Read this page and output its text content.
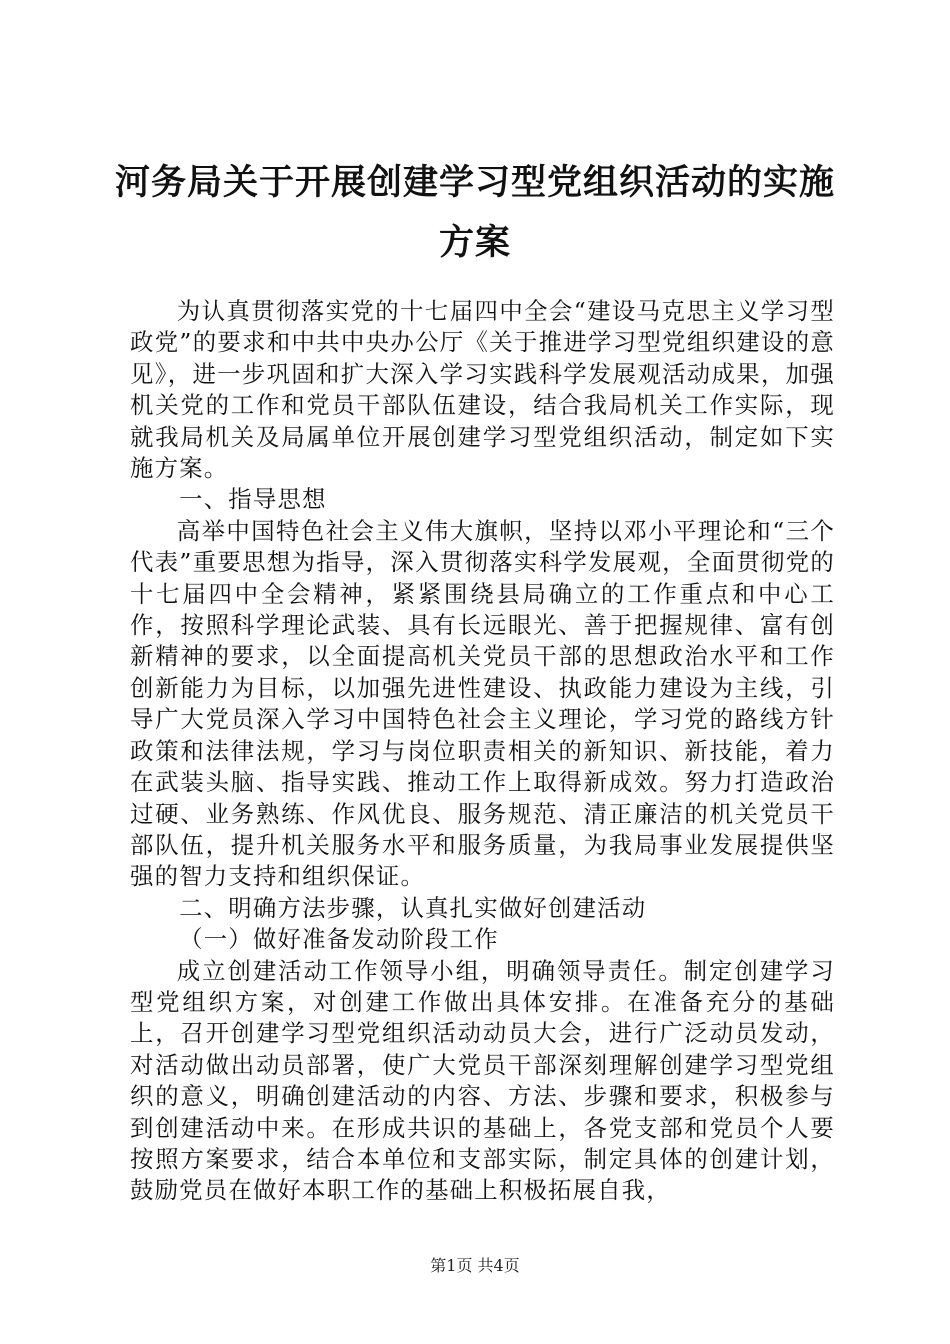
河务局关于开展创建学习型党组织活动的实施
方案

为认真贯彻落实党的十七届四中全会“建设马克思主义学习型政党”的要求和中共中央办公厅《关于推进学习型党组织建设的意见》，进一步巩固和扩大深入学习实践科学发展观活动成果，加强机关党的工作和党员干部队伍建设，结合我局机关工作实际，现就我局机关及局属单位开展创建学习型党组织活动，制定如下实施方案。

一、指导思想

高举中国特色社会主义伟大旗帜，坚持以邓小平理论和“三个代表”重要思想为指导，深入贯彻落实科学发展观，全面贯彻党的十七届四中全会精神，紧紧围绕县局确立的工作重点和中心工作，按照科学理论武装、具有长远眼光、善于把握规律、富有创新精神的要求，以全面提高机关党员干部的思想政治水平和工作创新能力为目标，以加强先进性建设、执政能力建设为主线，引导广大党员深入学习中国特色社会主义理论，学习党的路线方针政策和法律法规，学习与岗位职责相关的新知识、新技能，着力在武装头脑、指导实践、推动工作上取得新成效。努力打造政治过硬、业务熟练、作风优良、服务规范、清正廉洁的机关党员干部队伍，提升机关服务水平和服务质量，为我局事业发展提供坚强的智力支持和组织保证。

二、明确方法步骤，认真扎实做好创建活动

（一）做好准备发动阶段工作

成立创建活动工作领导小组，明确领导责任。制定创建学习型党组织方案，对创建工作做出具体安排。在准备充分的基础上，召开创建学习型党组织活动动员大会，进行广泛动员发动，对活动做出动员部署，使广大党员干部深刻理解创建学习型党组织的意义，明确创建活动的内容、方法、步骤和要求，积极参与到创建活动中来。在形成共识的基础上，各党支部和党员个人要按照方案要求，结合本单位和支部实际，制定具体的创建计划，鼓励党员在做好本职工作的基础上积极拓展自我，

第1页 共4页
